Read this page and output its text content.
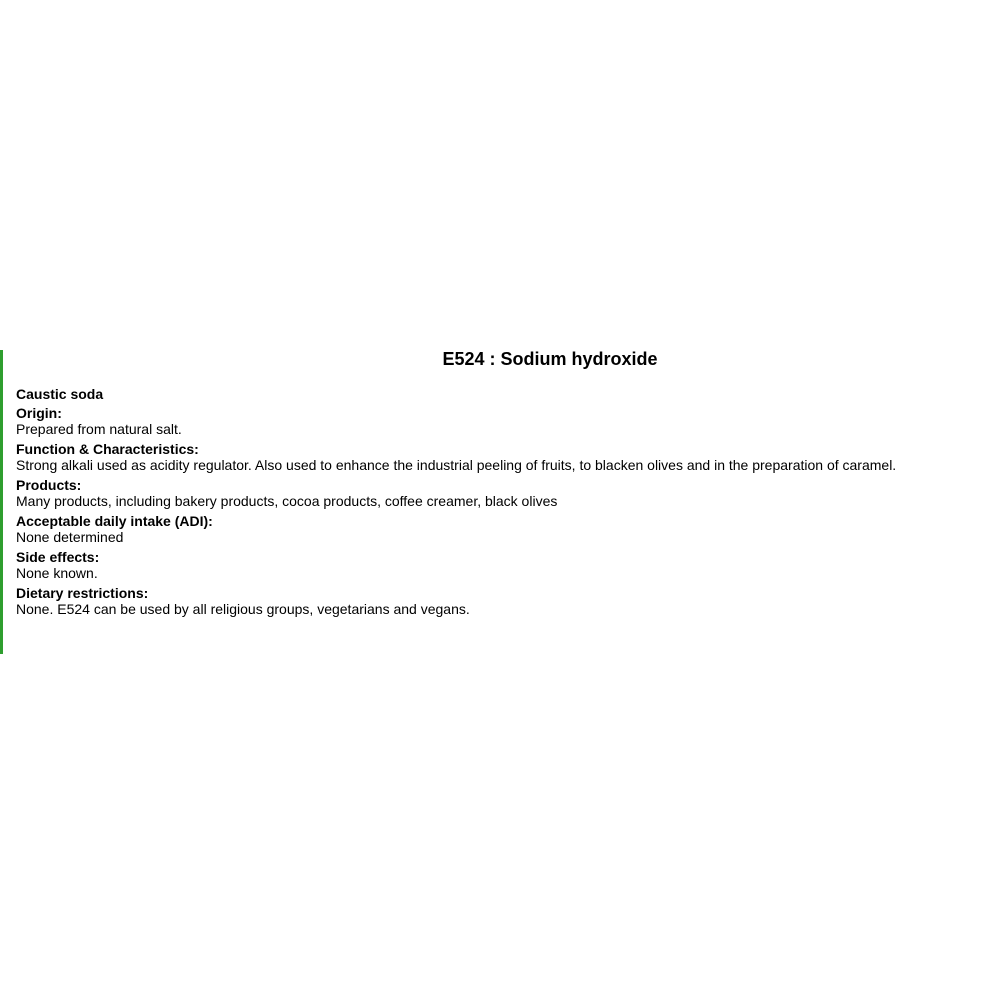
E524 : Sodium hydroxide

Caustic soda

Origin:

Prepared from natural salt.

Function & Characteristics:

Strong alkali used as acidity regulator. Also used to enhance the industrial peeling of fruits, to blacken olives and in the preparation of caramel.

Products:

Many products, including bakery products, cocoa products, coffee creamer, black olives

Acceptable daily intake (ADI):

None determined

Side effects:

None known.

Dietary restrictions:

None. E524 can be used by all religious groups, vegetarians and vegans.
